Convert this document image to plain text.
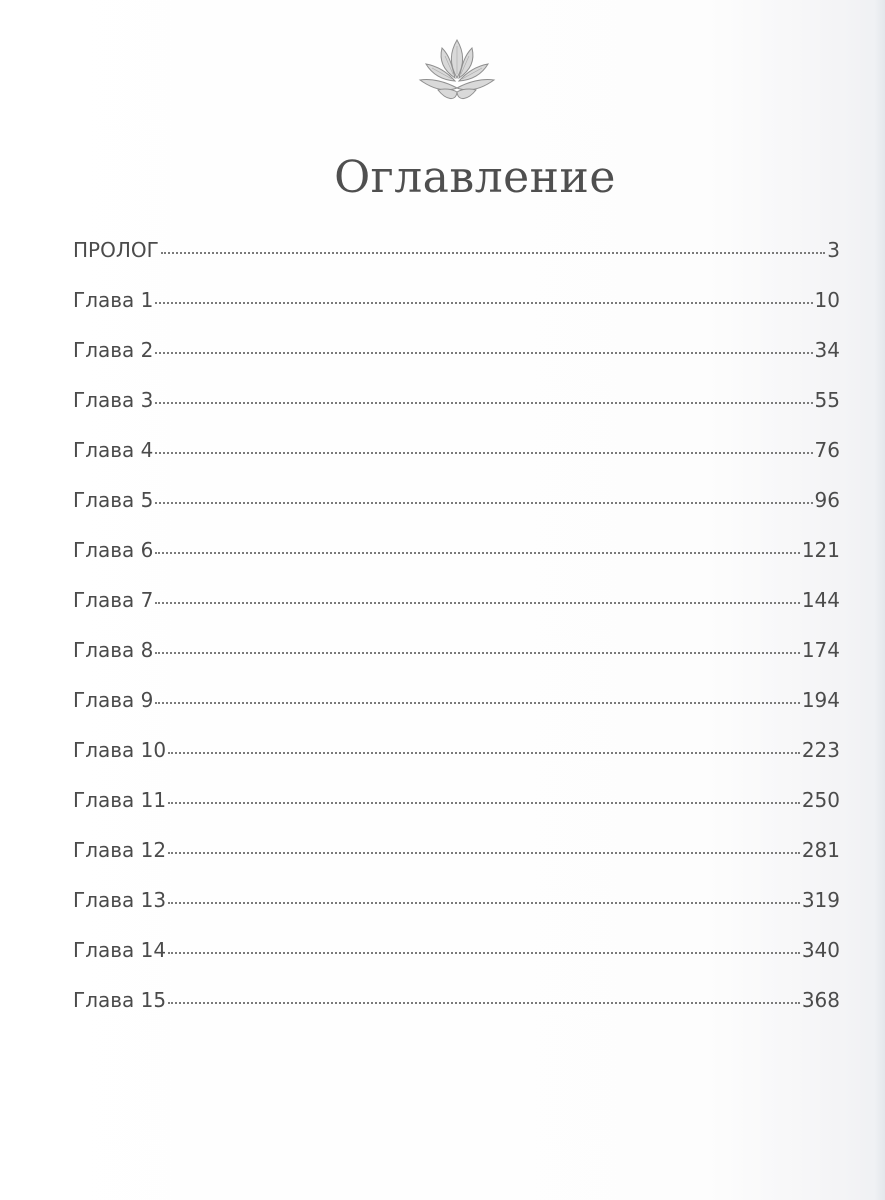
Оглавление
ПРОЛОГ	3
Глава 1	10
Глава 2	34
Глава 3	55
Глава 4	76
Глава 5	96
Глава 6	121
Глава 7	144
Глава 8	174
Глава 9	194
Глава 10	223
Глава 11	250
Глава 12	281
Глава 13	319
Глава 14	340
Глава 15	368
